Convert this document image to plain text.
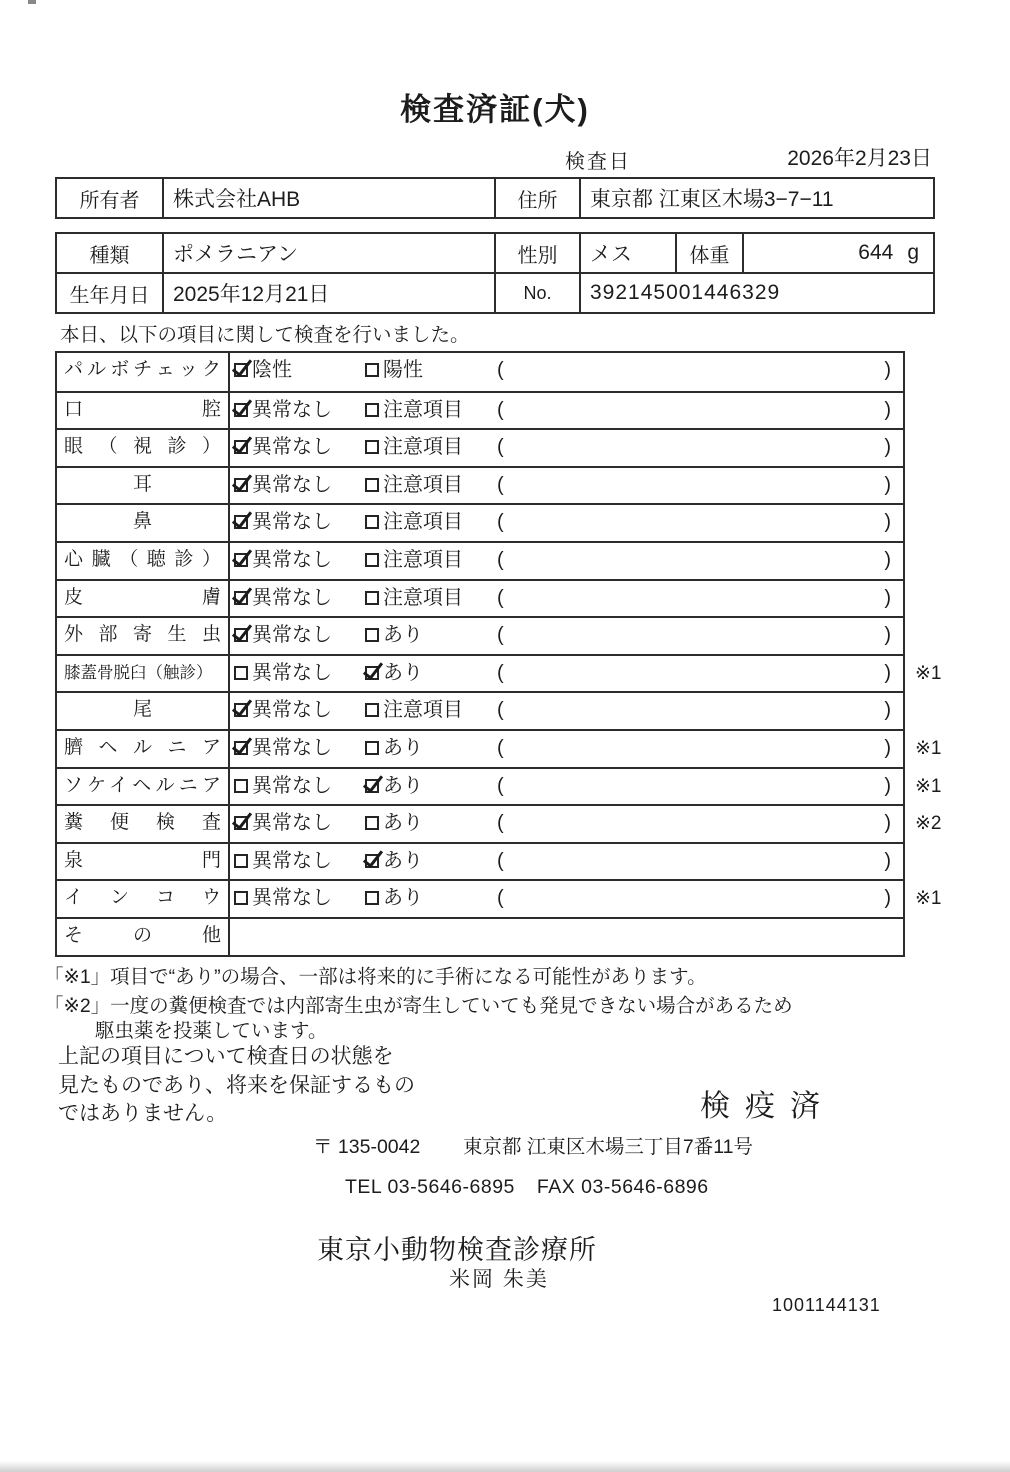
検査済証(犬)
検査日	2026年2月23日
所有者	株式会社AHB	住所	東京都 江東区木場3−7−11
種類	ポメラニアン	性別	メス	体重	644 g
生年月日	2025年12月21日	No.	392145001446329
本日、以下の項目に関して検査を行いました。
パルボチェック	陰性	陽性	(	)
口腔	異常なし	注意項目 (	)
眼（視診）	異常なし	注意項目 (	)
耳	異常なし	注意項目 (	)
鼻	異常なし	注意項目 (	)
心臓（聴診）	異常なし	注意項目 (	)
皮膚	異常なし	注意項目 (	)
外部寄生虫	異常なし	あり	(	)
膝蓋骨脱臼（触診）	異常なし	あり	(	) ※1
尾	異常なし	注意項目 (	)
臍ヘルニア	異常なし	あり	(	) ※1
ソケイヘルニア	異常なし	あり	(	) ※1
糞便検査	異常なし	あり	(	) ※2
泉門	異常なし	あり	(	)
インコウ	異常なし	あり	(	) ※1
その他
「※1」項目で“あり”の場合、一部は将来的に手術になる可能性があります。
「※2」一度の糞便検査では内部寄生虫が寄生していても発見できない場合があるため
駆虫薬を投薬しています。
上記の項目について検査日の状態を
見たものであり、将来を保証するもの
ではありません。	検疫済
〒 135-0042 東京都 江東区木場三丁目7番11号
TEL 03-5646-6895 FAX 03-5646-6896
東京小動物検査診療所
米岡 朱美
1001144131
